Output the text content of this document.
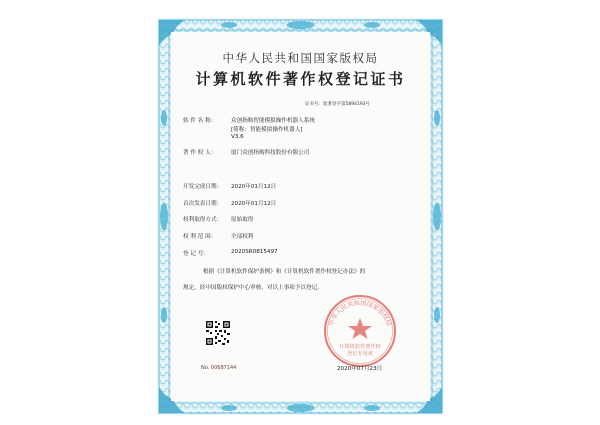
中华人民共和国国家版权局
计算机软件著作权登记证书
证书号：软著登字第5894193号
软 件 名 称：	众创指购智能模拟操作机器人系统
[简称：智能模拟操作机器人]
V3.6
著 作 权 人：	厦门众创指购科技股份有限公司
开发完成日期： 2020年01月12日
首次发表日期： 2020年01月12日
权利取得方式： 原始取得
权 利 范 围：	全部权利
登 记 号：	2020SR0815497
根据《计算机软件保护条例》和《计算机软件著作权登记办法》的
规定，经中国版权保护中心审核，对以上事项予以登记。
No. 00687144
中华人民共和国国家版权局
计算机软件著作权
登记专用章
2020年07月23日
